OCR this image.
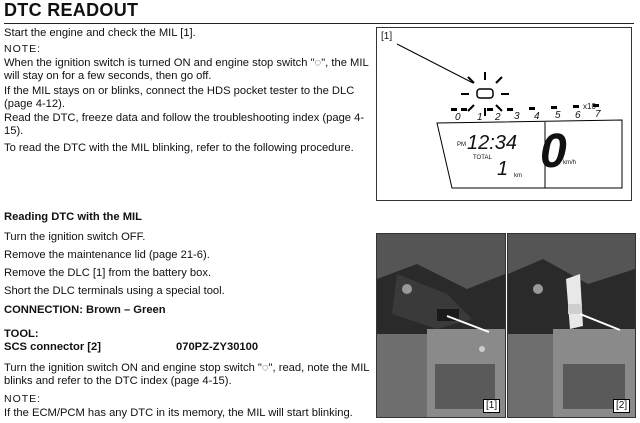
DTC READOUT
Start the engine and check the MIL [1].
NOTE:
When the ignition switch is turned ON and engine stop switch "◌", the MIL will stay on for a few seconds, then go off.
If the MIL stays on or blinks, connect the HDS pocket tester to the DLC (page 4-12).
Read the DTC, freeze data and follow the troubleshooting index (page 4-15).
To read the DTC with the MIL blinking, refer to the following procedure.
Reading DTC with the MIL
Turn the ignition switch OFF.
Remove the maintenance lid (page 21-6).
Remove the DLC [1] from the battery box.
Short the DLC terminals using a special tool.
CONNECTION: Brown – Green
TOOL:
SCS connector [2]	070PZ-ZY30100
Turn the ignition switch ON and engine stop switch "◌", read, note the MIL blinks and refer to the DTC index (page 4-15).
NOTE:
If the ECM/PCM has any DTC in its memory, the MIL will start blinking.
[1]
0 1 2 3 4 5 6 7
x10
PM 12:34
TOTAL 1 km 0
km/h
[1]	[2]
